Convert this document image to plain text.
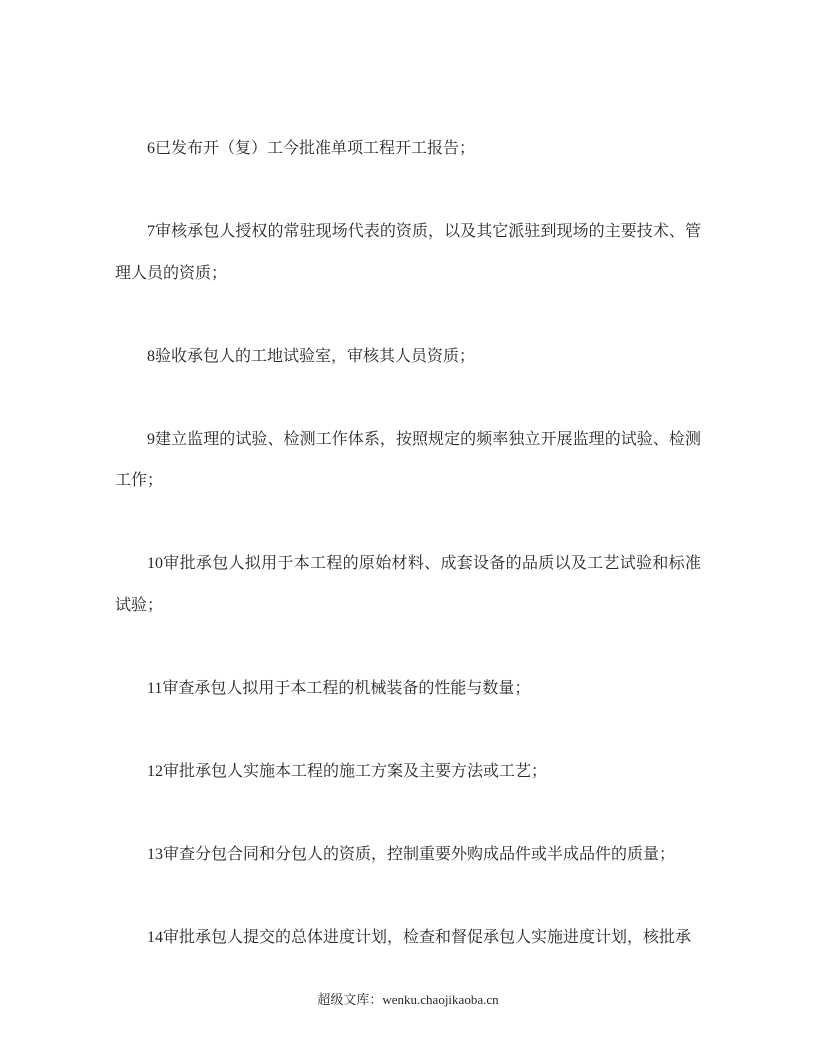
6已发布开（复）工今批准单项工程开工报告；

7审核承包人授权的常驻现场代表的资质，以及其它派驻到现场的主要技术、管理人员的资质；

8验收承包人的工地试验室，审核其人员资质；

9建立监理的试验、检测工作体系，按照规定的频率独立开展监理的试验、检测工作；

10审批承包人拟用于本工程的原始材料、成套设备的品质以及工艺试验和标准试验；

11审查承包人拟用于本工程的机械装备的性能与数量；

12审批承包人实施本工程的施工方案及主要方法或工艺；

13审查分包合同和分包人的资质，控制重要外购成品件或半成品件的质量；

14审批承包人提交的总体进度计划，检查和督促承包人实施进度计划，核批承

超级文库：wenku.chaojikaoba.cn
